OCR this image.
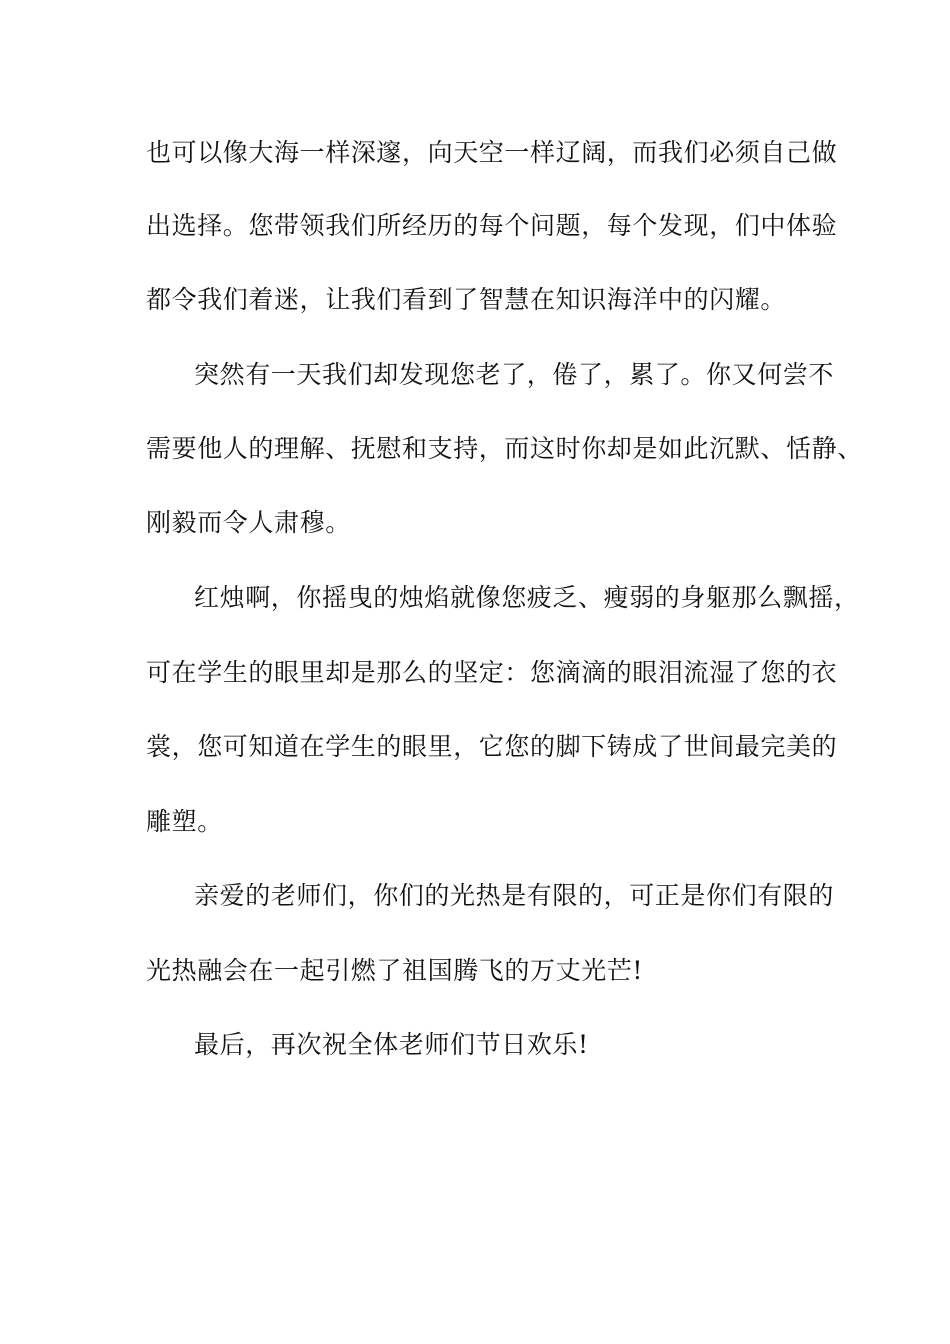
也可以像大海一样深邃，向天空一样辽阔，而我们必须自己做
出选择。您带领我们所经历的每个问题，每个发现，们中体验
都令我们着迷，让我们看到了智慧在知识海洋中的闪耀。
突然有一天我们却发现您老了，倦了，累了。你又何尝不
需要他人的理解、抚慰和支持，而这时你却是如此沉默、恬静、
刚毅而令人肃穆。
红烛啊，你摇曳的烛焰就像您疲乏、瘦弱的身躯那么飘摇，
可在学生的眼里却是那么的坚定：您滴滴的眼泪流湿了您的衣
裳，您可知道在学生的眼里，它您的脚下铸成了世间最完美的
雕塑。
亲爱的老师们，你们的光热是有限的，可正是你们有限的
光热融会在一起引燃了祖国腾飞的万丈光芒!
最后，再次祝全体老师们节日欢乐!
